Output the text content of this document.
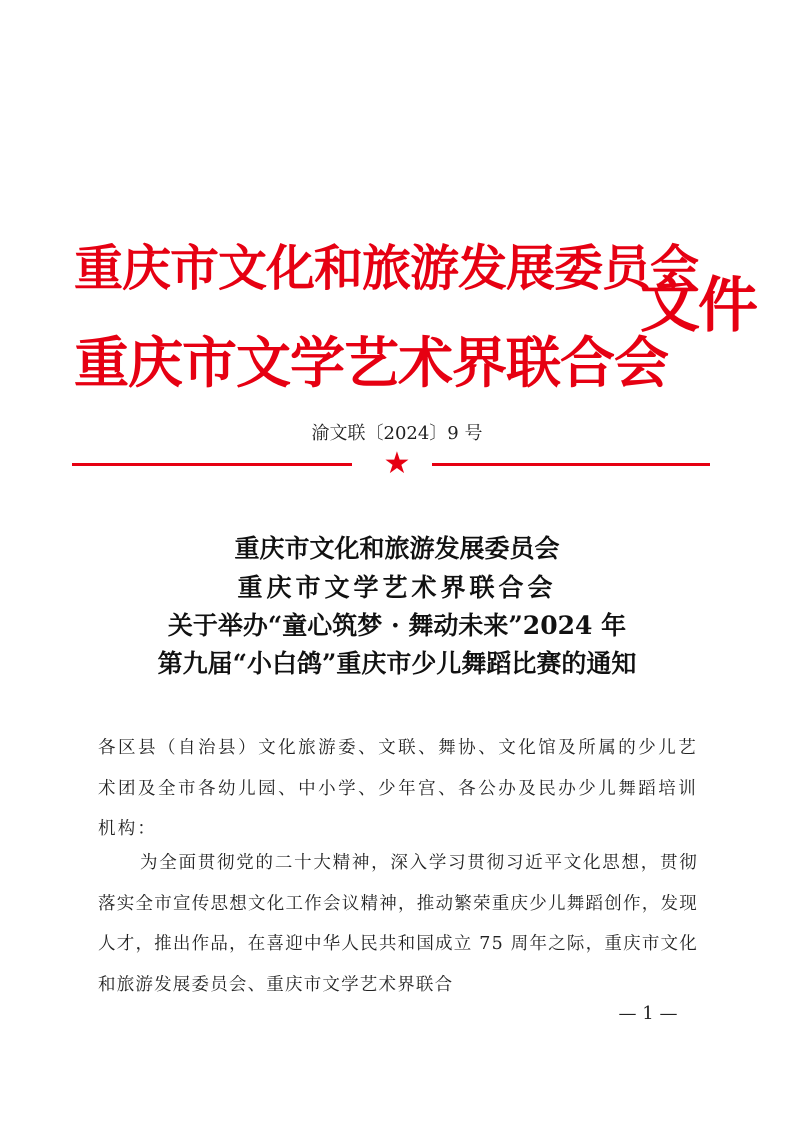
重庆市文化和旅游发展委员会
重庆市文学艺术界联合会
文件
渝文联〔2024〕9 号
★
重庆市文化和旅游发展委员会
重庆市文学艺术界联合会
关于举办“童心筑梦 · 舞动未来”2024 年
第九届“小白鸽”重庆市少儿舞蹈比赛的通知
各区县（自治县）文化旅游委、文联、舞协、文化馆及所属的少儿艺术团及全市各幼儿园、中小学、少年宫、各公办及民办少儿舞蹈培训机构：
为全面贯彻党的二十大精神，深入学习贯彻习近平文化思想，贯彻落实全市宣传思想文化工作会议精神，推动繁荣重庆少儿舞蹈创作，发现人才，推出作品，在喜迎中华人民共和国成立 75 周年之际，重庆市文化和旅游发展委员会、重庆市文学艺术界联合
— 1 —
